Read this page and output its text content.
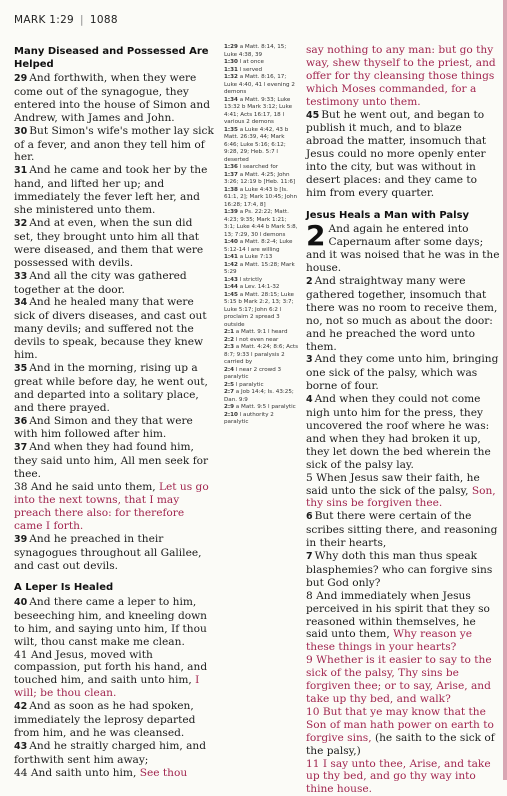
MARK 1:29 | 1088
Many Diseased and Possessed Are Helped

29 And forthwith, when they were come out of the synagogue, they entered into the house of Simon and Andrew, with James and John.

30 But Simon's wife's mother lay sick of a fever, and anon they tell him of her.

31 And he came and took her by the hand, and lifted her up; and immediately the fever left her, and she ministered unto them.

32 And at even, when the sun did set, they brought unto him all that were diseased, and them that were possessed with devils.

33 And all the city was gathered together at the door.

34 And he healed many that were sick of divers diseases, and cast out many devils; and suffered not the devils to speak, because they knew him.

35 And in the morning, rising up a great while before day, he went out, and departed into a solitary place, and there prayed.

36 And Simon and they that were with him followed after him.

37 And when they had found him, they said unto him, All men seek for thee.

38 And he said unto them, Let us go into the next towns, that I may preach there also: for therefore came I forth.

39 And he preached in their synagogues throughout all Galilee, and cast out devils.

A Leper Is Healed

40 And there came a leper to him, beseeching him, and kneeling down to him, and saying unto him, If thou wilt, thou canst make me clean.

41 And Jesus, moved with compassion, put forth his hand, and touched him, and saith unto him, I will; be thou clean.

42 And as soon as he had spoken, immediately the leprosy departed from him, and he was cleansed.

43 And he straitly charged him, and forthwith sent him away;

44 And saith unto him, See thou

1:29 a Matt. 8:14, 15; Luke 4:38, 39
1:30 l at once
1:31 l served
1:32 a Matt. 8:16, 17; Luke 4:40, 41 l evening 2 demons
1:34 a Matt. 9:33; Luke 13:32 b Mark 3:12; Luke 4:41; Acts 16:17, 18 l various 2 demons
1:35 a Luke 4:42, 43 b Matt. 26:39, 44; Mark 6:46; Luke 5:16; 6:12; 9:28, 29; Heb. 5:7 l deserted
1:36 l searched for
1:37 a Matt. 4:25; John 3:26; 12:19 b [Heb. 11:6]
1:38 a Luke 4:43 b [Is. 61:1, 2]; Mark 10:45; John 16:28; 17:4, 8]
1:39 a Ps. 22:22; Matt. 4:23; 9:35; Mark 1:21; 3:1; Luke 4:44 b Mark 5:8, 13; 7:29, 30 l demons
1:40 a Matt. 8:2-4; Luke 5:12-14 l are willing
1:41 a Luke 7:13
1:42 a Matt. 15:28; Mark 5:29
1:43 l strictly
1:44 a Lev. 14:1-32
1:45 a Matt. 28:15; Luke 5:15 b Mark 2:2, 13; 3:7; Luke 5:17; John 6:2 l proclaim 2 spread 3 outside
2:1 a Matt. 9:1 l heard
2:2 l not even near
2:3 a Matt. 4:24; 8:6; Acts 8:7; 9:33 l paralysis 2 carried by
2:4 l near 2 crowd 3 paralytic
2:5 l paralytic
2:7 a Job 14:4; Is. 43:25; Dan. 9:9
2:9 a Matt. 9:5 l paralytic
2:10 l authority 2 paralytic

say nothing to any man: but go thy way, shew thyself to the priest, and offer for thy cleansing those things which Moses commanded, for a testimony unto them.

45 But he went out, and began to publish it much, and to blaze abroad the matter, insomuch that Jesus could no more openly enter into the city, but was without in desert places: and they came to him from every quarter.

Jesus Heals a Man with Palsy

2 And again he entered into Capernaum after some days; and it was noised that he was in the house.

2 And straightway many were gathered together, insomuch that there was no room to receive them, no, not so much as about the door: and he preached the word unto them.

3 And they come unto him, bringing one sick of the palsy, which was borne of four.

4 And when they could not come nigh unto him for the press, they uncovered the roof where he was: and when they had broken it up, they let down the bed wherein the sick of the palsy lay.

5 When Jesus saw their faith, he said unto the sick of the palsy, Son, thy sins be forgiven thee.

6 But there were certain of the scribes sitting there, and reasoning in their hearts,

7 Why doth this man thus speak blasphemies? who can forgive sins but God only?

8 And immediately when Jesus perceived in his spirit that they so reasoned within themselves, he said unto them, Why reason ye these things in your hearts?

9 Whether is it easier to say to the sick of the palsy, Thy sins be forgiven thee; or to say, Arise, and take up thy bed, and walk?

10 But that ye may know that the Son of man hath power on earth to forgive sins, (he saith to the sick of the palsy,)

11 I say unto thee, Arise, and take up thy bed, and go thy way into thine house.
